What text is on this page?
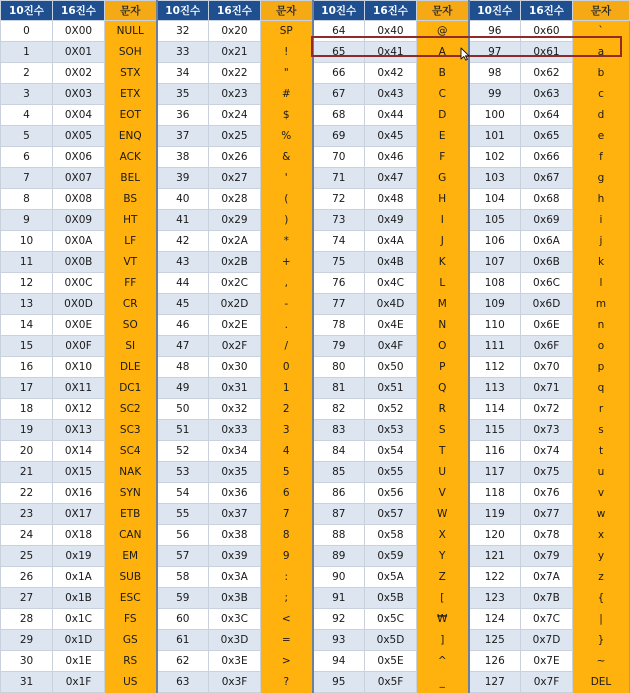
10진수	16진수	문자	10진수	16진수	문자	10진수	16진수	문자	10진수	16진수	문자
0	0X00	NULL	32	0x20	SP	64	0x40	@	96	0x60	`
1	0X01	SOH	33	0x21	!	65	0x41	A	97	0x61	a
2	0X02	STX	34	0x22	"	66	0x42	B	98	0x62	b
3	0X03	ETX	35	0x23	#	67	0x43	C	99	0x63	c
4	0X04	EOT	36	0x24	$	68	0x44	D	100	0x64	d
5	0X05	ENQ	37	0x25	%	69	0x45	E	101	0x65	e
6	0X06	ACK	38	0x26	&	70	0x46	F	102	0x66	f
7	0X07	BEL	39	0x27	'	71	0x47	G	103	0x67	g
8	0X08	BS	40	0x28	(	72	0x48	H	104	0x68	h
9	0X09	HT	41	0x29	)	73	0x49	I	105	0x69	i
10	0X0A	LF	42	0x2A	*	74	0x4A	J	106	0x6A	j
11	0X0B	VT	43	0x2B	+	75	0x4B	K	107	0x6B	k
12	0X0C	FF	44	0x2C	,	76	0x4C	L	108	0x6C	l
13	0X0D	CR	45	0x2D	-	77	0x4D	M	109	0x6D	m
14	0X0E	SO	46	0x2E	.	78	0x4E	N	110	0x6E	n
15	0X0F	SI	47	0x2F	/	79	0x4F	O	111	0x6F	o
16	0X10	DLE	48	0x30	0	80	0x50	P	112	0x70	p
17	0X11	DC1	49	0x31	1	81	0x51	Q	113	0x71	q
18	0X12	SC2	50	0x32	2	82	0x52	R	114	0x72	r
19	0X13	SC3	51	0x33	3	83	0x53	S	115	0x73	s
20	0X14	SC4	52	0x34	4	84	0x54	T	116	0x74	t
21	0X15	NAK	53	0x35	5	85	0x55	U	117	0x75	u
22	0X16	SYN	54	0x36	6	86	0x56	V	118	0x76	v
23	0X17	ETB	55	0x37	7	87	0x57	W	119	0x77	w
24	0X18	CAN	56	0x38	8	88	0x58	X	120	0x78	x
25	0x19	EM	57	0x39	9	89	0x59	Y	121	0x79	y
26	0x1A	SUB	58	0x3A	:	90	0x5A	Z	122	0x7A	z
27	0x1B	ESC	59	0x3B	;	91	0x5B	[	123	0x7B	{
28	0x1C	FS	60	0x3C	<	92	0x5C	₩	124	0x7C	|
29	0x1D	GS	61	0x3D	=	93	0x5D	]	125	0x7D	}
30	0x1E	RS	62	0x3E	>	94	0x5E	^	126	0x7E	~
31	0x1F	US	63	0x3F	?	95	0x5F	_	127	0x7F	DEL
